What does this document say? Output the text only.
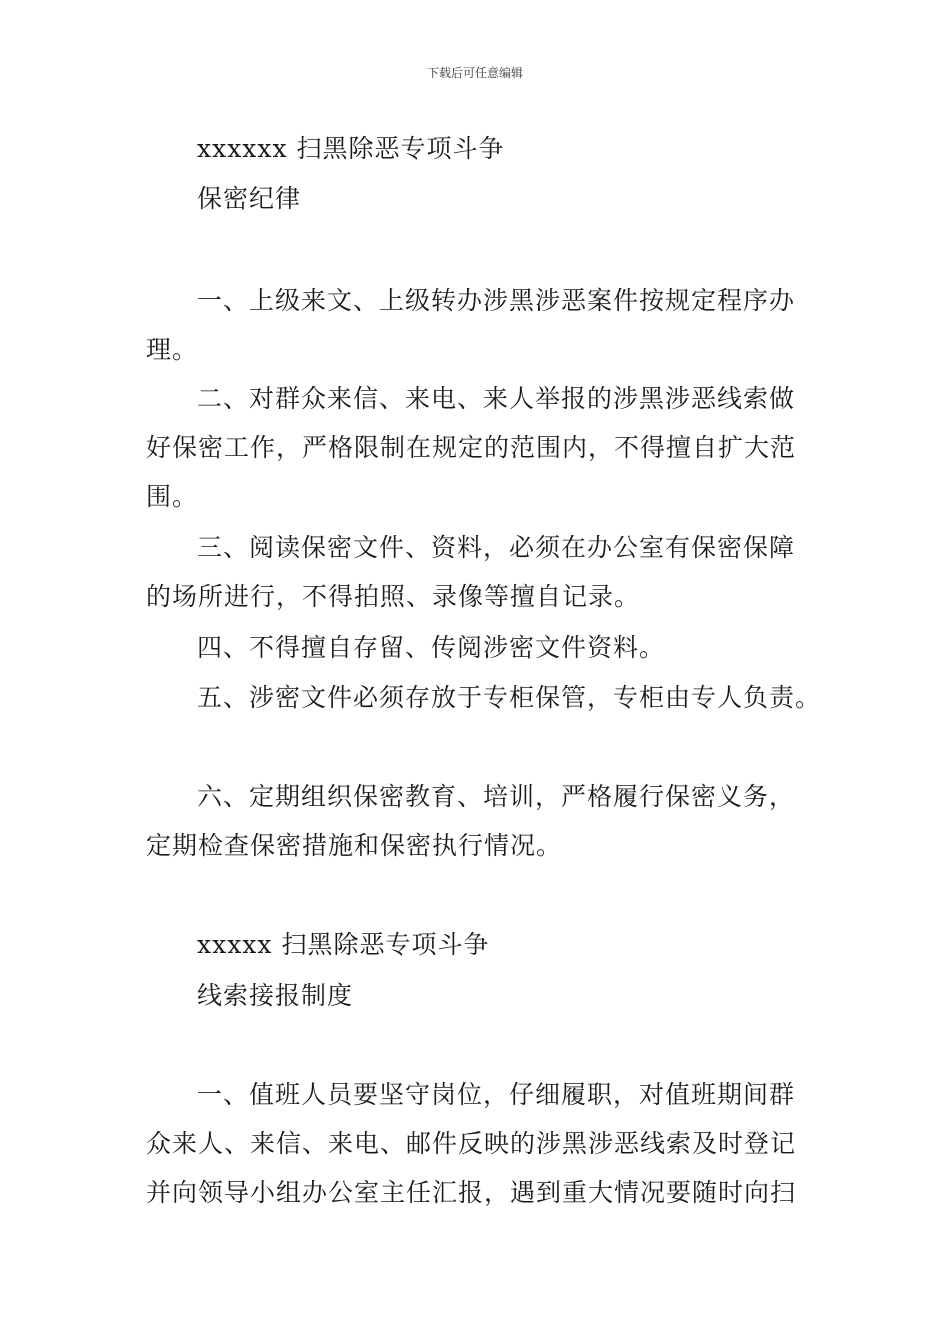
下载后可任意编辑
xxxxxx 扫黑除恶专项斗争
保密纪律
一、上级来文、上级转办涉黑涉恶案件按规定程序办
理。
二、对群众来信、来电、来人举报的涉黑涉恶线索做
好保密工作，严格限制在规定的范围内，不得擅自扩大范
围。
三、阅读保密文件、资料，必须在办公室有保密保障
的场所进行，不得拍照、录像等擅自记录。
四、不得擅自存留、传阅涉密文件资料。
五、涉密文件必须存放于专柜保管，专柜由专人负责。
六、定期组织保密教育、培训，严格履行保密义务，
定期检查保密措施和保密执行情况。
xxxxx 扫黑除恶专项斗争
线索接报制度
一、值班人员要坚守岗位，仔细履职，对值班期间群
众来人、来信、来电、邮件反映的涉黑涉恶线索及时登记
并向领导小组办公室主任汇报，遇到重大情况要随时向扫
